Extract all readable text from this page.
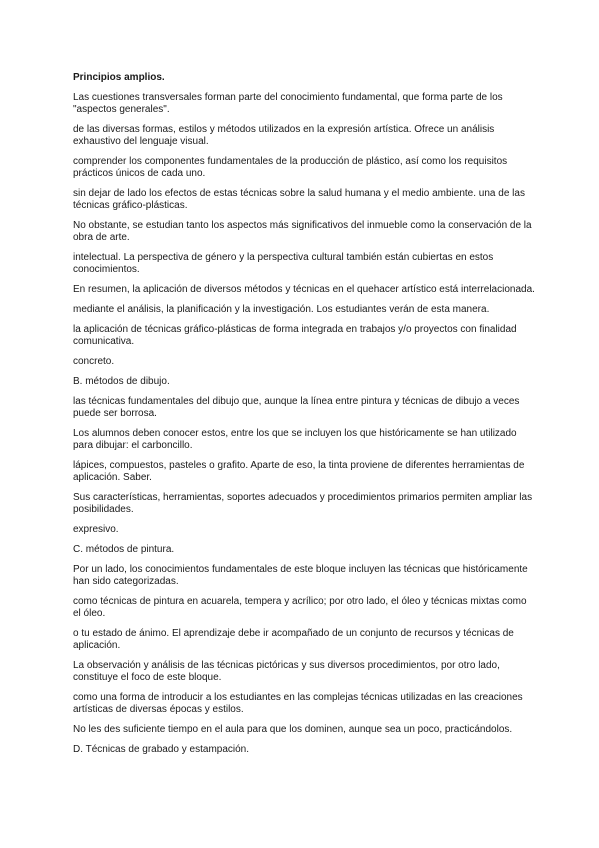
Principios amplios.

Las cuestiones transversales forman parte del conocimiento fundamental, que forma parte de los "aspectos generales".

de las diversas formas, estilos y métodos utilizados en la expresión artística. Ofrece un análisis exhaustivo del lenguaje visual.

comprender los componentes fundamentales de la producción de plástico, así como los requisitos prácticos únicos de cada uno.

sin dejar de lado los efectos de estas técnicas sobre la salud humana y el medio ambiente. una de las técnicas gráfico-plásticas.

No obstante, se estudian tanto los aspectos más significativos del inmueble como la conservación de la obra de arte.

intelectual. La perspectiva de género y la perspectiva cultural también están cubiertas en estos conocimientos.

En resumen, la aplicación de diversos métodos y técnicas en el quehacer artístico está interrelacionada.

mediante el análisis, la planificación y la investigación. Los estudiantes verán de esta manera.

la aplicación de técnicas gráfico-plásticas de forma integrada en trabajos y/o proyectos con finalidad comunicativa.

concreto.

B. métodos de dibujo.

las técnicas fundamentales del dibujo que, aunque la línea entre pintura y técnicas de dibujo a veces puede ser borrosa.

Los alumnos deben conocer estos, entre los que se incluyen los que históricamente se han utilizado para dibujar: el carboncillo.

lápices, compuestos, pasteles o grafito. Aparte de eso, la tinta proviene de diferentes herramientas de aplicación. Saber.

Sus características, herramientas, soportes adecuados y procedimientos primarios permiten ampliar las posibilidades.

expresivo.

C. métodos de pintura.

Por un lado, los conocimientos fundamentales de este bloque incluyen las técnicas que históricamente han sido categorizadas.

como técnicas de pintura en acuarela, tempera y acrílico; por otro lado, el óleo y técnicas mixtas como el óleo.

o tu estado de ánimo. El aprendizaje debe ir acompañado de un conjunto de recursos y técnicas de aplicación.

La observación y análisis de las técnicas pictóricas y sus diversos procedimientos, por otro lado, constituye el foco de este bloque.

como una forma de introducir a los estudiantes en las complejas técnicas utilizadas en las creaciones artísticas de diversas épocas y estilos.

No les des suficiente tiempo en el aula para que los dominen, aunque sea un poco, practicándolos.

D. Técnicas de grabado y estampación.
